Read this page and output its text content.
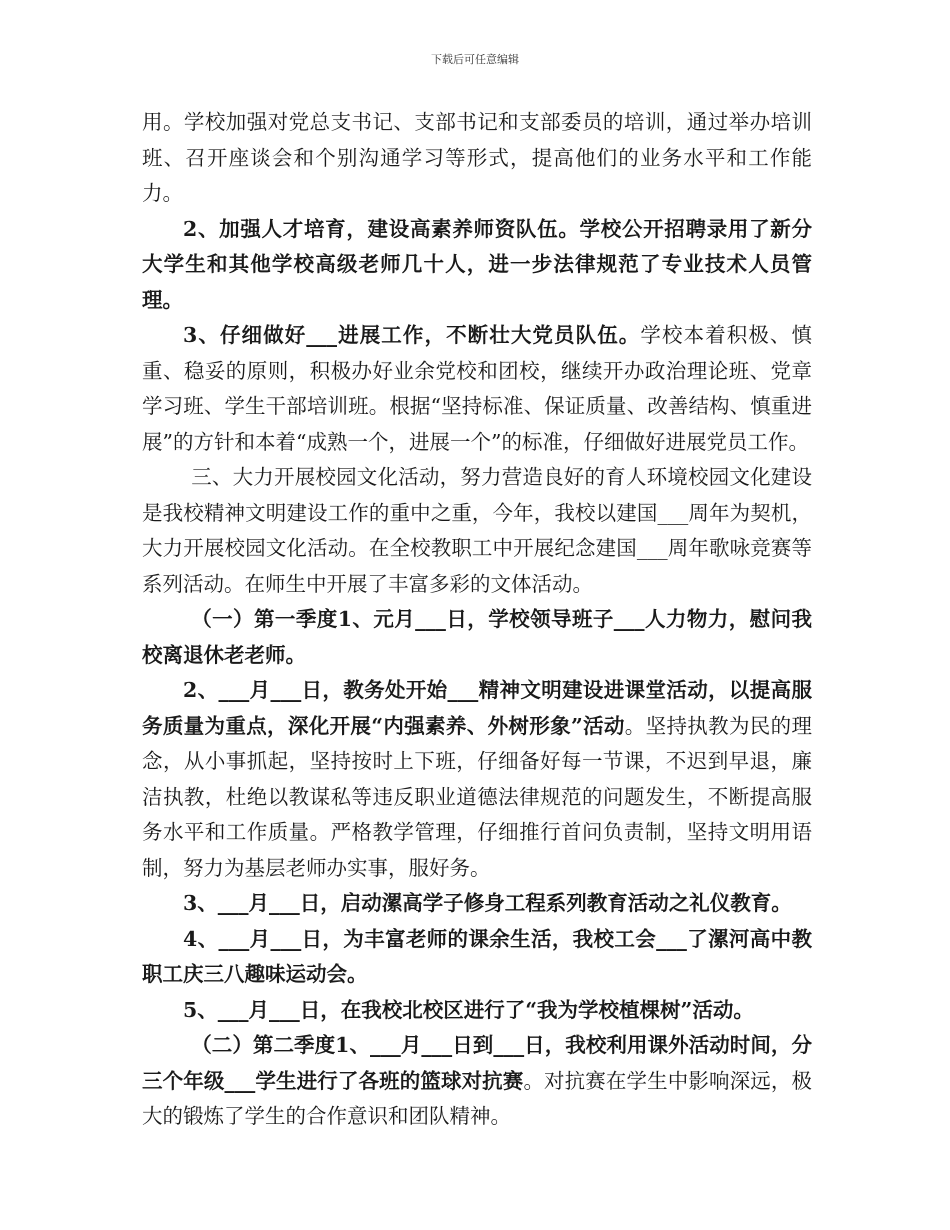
下载后可任意编辑

用。学校加强对党总支书记、支部书记和支部委员的培训，通过举办培训班、召开座谈会和个别沟通学习等形式，提高他们的业务水平和工作能力。

2、加强人才培育，建设高素养师资队伍。学校公开招聘录用了新分大学生和其他学校高级老师几十人，进一步法律规范了专业技术人员管理。

3、仔细做好___进展工作，不断壮大党员队伍。学校本着积极、慎重、稳妥的原则，积极办好业余党校和团校，继续开办政治理论班、党章学习班、学生干部培训班。根据“坚持标准、保证质量、改善结构、慎重进展”的方针和本着“成熟一个，进展一个”的标准，仔细做好进展党员工作。

三、大力开展校园文化活动，努力营造良好的育人环境校园文化建设是我校精神文明建设工作的重中之重，今年，我校以建国___周年为契机，大力开展校园文化活动。在全校教职工中开展纪念建国___周年歌咏竞赛等系列活动。在师生中开展了丰富多彩的文体活动。

（一）第一季度1、元月___日，学校领导班子___人力物力，慰问我校离退休老老师。

2、___月___日，教务处开始___精神文明建设进课堂活动，以提高服务质量为重点，深化开展“内强素养、外树形象”活动。坚持执教为民的理念，从小事抓起，坚持按时上下班，仔细备好每一节课，不迟到早退，廉洁执教，杜绝以教谋私等违反职业道德法律规范的问题发生，不断提高服务水平和工作质量。严格教学管理，仔细推行首问负责制，坚持文明用语制，努力为基层老师办实事，服好务。

3、___月___日，启动漯高学子修身工程系列教育活动之礼仪教育。

4、___月___日，为丰富老师的课余生活，我校工会___了漯河高中教职工庆三八趣味运动会。

5、___月___日，在我校北校区进行了“我为学校植棵树”活动。

（二）第二季度1、___月___日到___日，我校利用课外活动时间，分三个年级___学生进行了各班的篮球对抗赛。对抗赛在学生中影响深远，极大的锻炼了学生的合作意识和团队精神。
